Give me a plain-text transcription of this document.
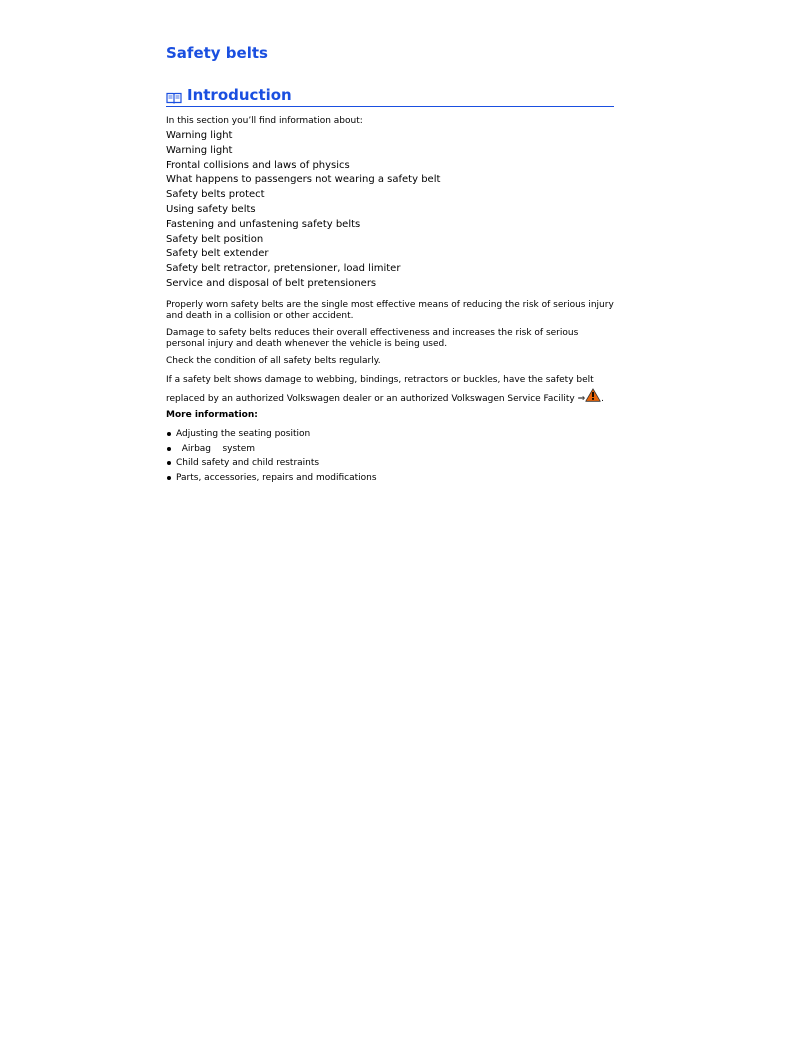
Safety belts
Introduction
In this section you’ll find information about:
Warning light
Warning light
Frontal collisions and laws of physics
What happens to passengers not wearing a safety belt
Safety belts protect
Using safety belts
Fastening and unfastening safety belts
Safety belt position
Safety belt extender
Safety belt retractor, pretensioner, load limiter
Service and disposal of belt pretensioners

Properly worn safety belts are the single most effective means of reducing the risk of serious injury and death in a collision or other accident.

Damage to safety belts reduces their overall effectiveness and increases the risk of serious personal injury and death whenever the vehicle is being used.

Check the condition of all safety belts regularly.

If a safety belt shows damage to webbing, bindings, retractors or buckles, have the safety belt replaced by an authorized Volkswagen dealer or an authorized Volkswagen Service Facility ⇒ .

More information:
Adjusting the seating position
Airbag    system
Child safety and child restraints
Parts, accessories, repairs and modifications
